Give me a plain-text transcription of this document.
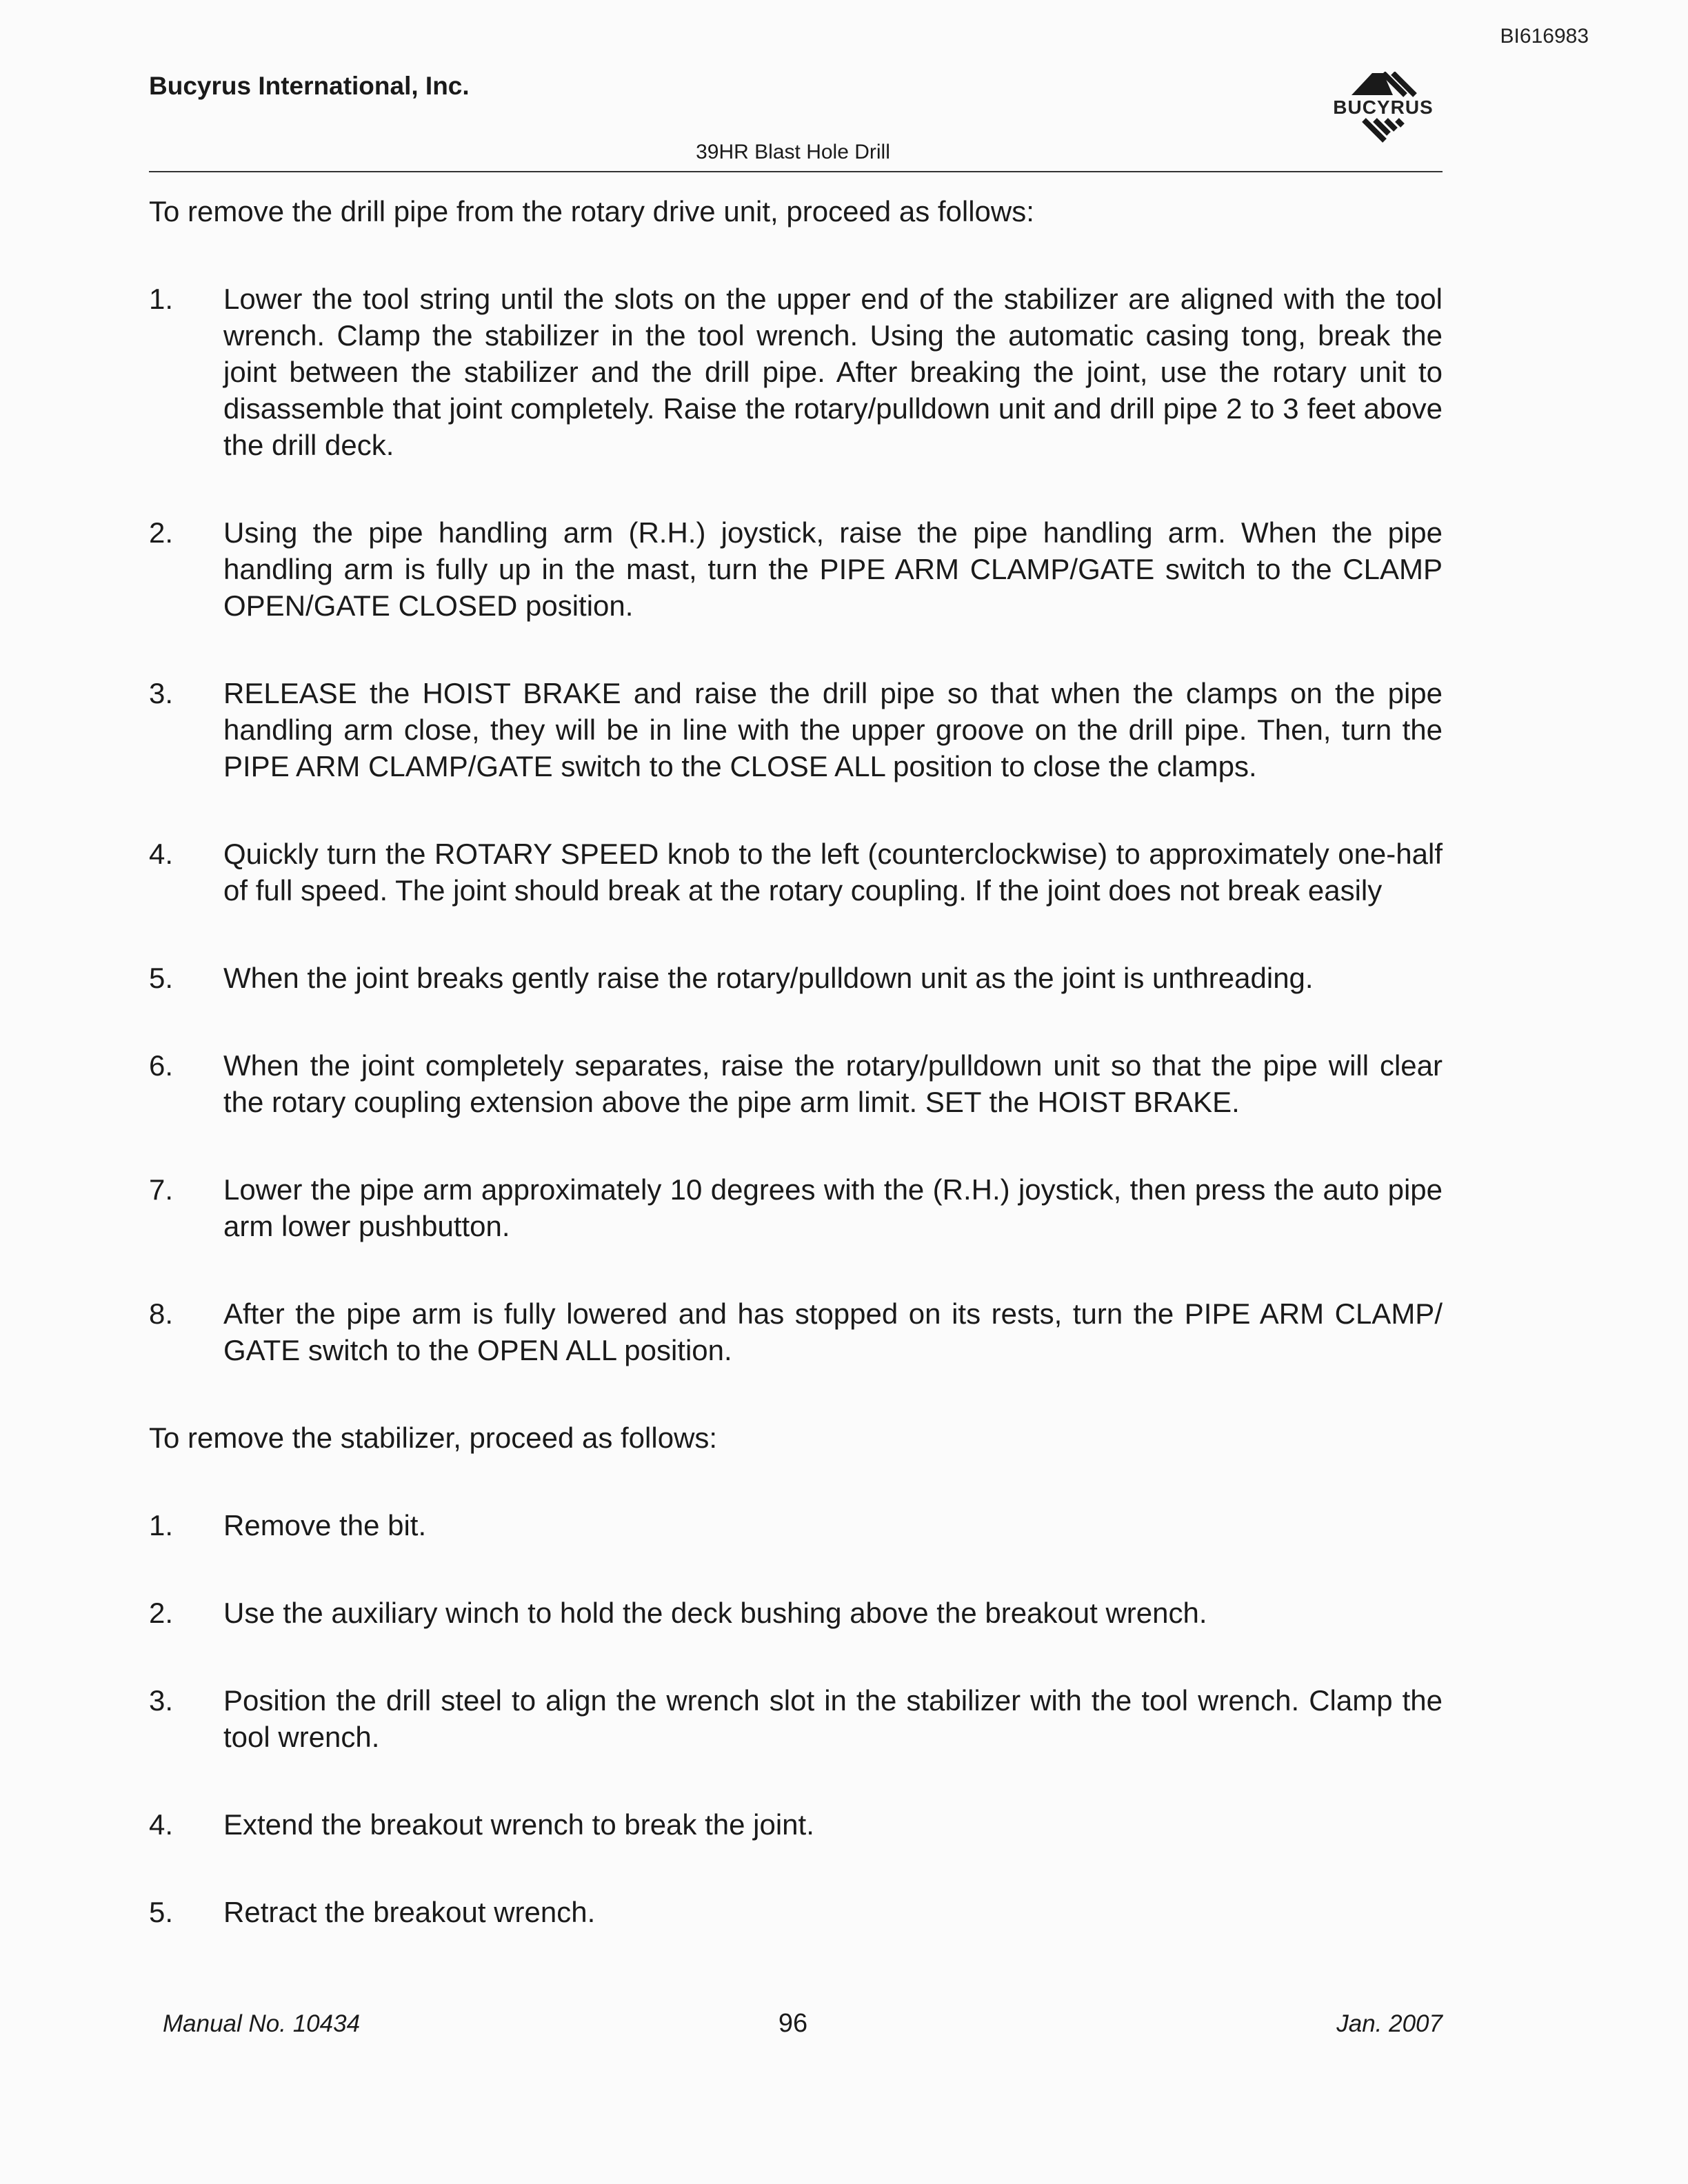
BI616983
Bucyrus International, Inc.
BUCYRUS
39HR Blast Hole Drill

To remove the drill pipe from the rotary drive unit, proceed as follows:

1.	Lower the tool string until the slots on the upper end of the stabilizer are aligned with the tool wrench. Clamp the stabilizer in the tool wrench. Using the automatic casing tong, break the joint between the stabilizer and the drill pipe. After breaking the joint, use the rotary unit to disassemble that joint completely. Raise the rotary/pulldown unit and drill pipe 2 to 3 feet above the drill deck.
2.	Using the pipe handling arm (R.H.) joystick, raise the pipe handling arm. When the pipe handling arm is fully up in the mast, turn the PIPE ARM CLAMP/GATE switch to the CLAMP OPEN/GATE CLOSED position.
3.	RELEASE the HOIST BRAKE and raise the drill pipe so that when the clamps on the pipe handling arm close, they will be in line with the upper groove on the drill pipe. Then, turn the PIPE ARM CLAMP/GATE switch to the CLOSE ALL position to close the clamps.
4.	Quickly turn the ROTARY SPEED knob to the left (counterclockwise) to approximately one-half of full speed. The joint should break at the rotary coupling. If the joint does not break easily
5.	When the joint breaks gently raise the rotary/pulldown unit as the joint is unthreading.
6.	When the joint completely separates, raise the rotary/pulldown unit so that the pipe will clear the rotary coupling extension above the pipe arm limit. SET the HOIST BRAKE.
7.	Lower the pipe arm approximately 10 degrees with the (R.H.) joystick, then press the auto pipe arm lower pushbutton.
8.	After the pipe arm is fully lowered and has stopped on its rests, turn the PIPE ARM CLAMP/ GATE switch to the OPEN ALL position.

To remove the stabilizer, proceed as follows:

1.	Remove the bit.
2.	Use the auxiliary winch to hold the deck bushing above the breakout wrench.
3.	Position the drill steel to align the wrench slot in the stabilizer with the tool wrench. Clamp the tool wrench.
4.	Extend the breakout wrench to break the joint.
5.	Retract the breakout wrench.
Manual No. 10434	96	Jan. 2007
